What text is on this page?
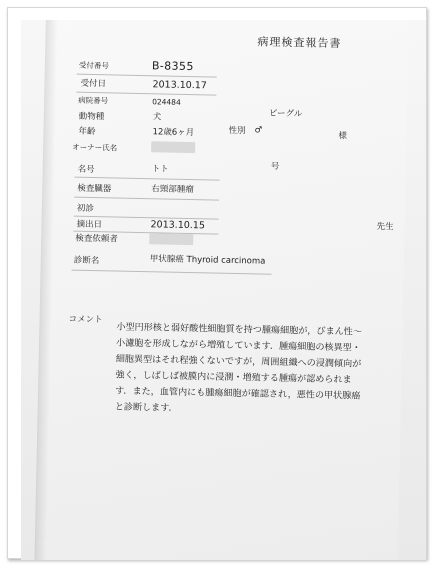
病理検査報告書
受付番号	B-8355
受付日	2013.10.17
病院番号	024484
動物種	犬	ビーグル
年齢	12歳6ヶ月	性別 ♂
オーナー氏名
様
名号	トト	号
検査臓器	右頸部腫瘤
初診
摘出日	2013.10.15
検査依頼者
先生
診断名	甲状腺癌 Thyroid carcinoma
コメント
小型円形核と弱好酸性細胞質を持つ腫瘍細胞が，びまん性～小濾胞を形成しながら増殖しています．腫瘍細胞の核異型・細胞異型はそれ程強くないですが，周囲組織への浸潤傾向が強く，しばしば被膜内に浸潤・増殖する腫瘍が認められます．また，血管内にも腫瘍細胞が確認され，悪性の甲状腺癌と診断します．
